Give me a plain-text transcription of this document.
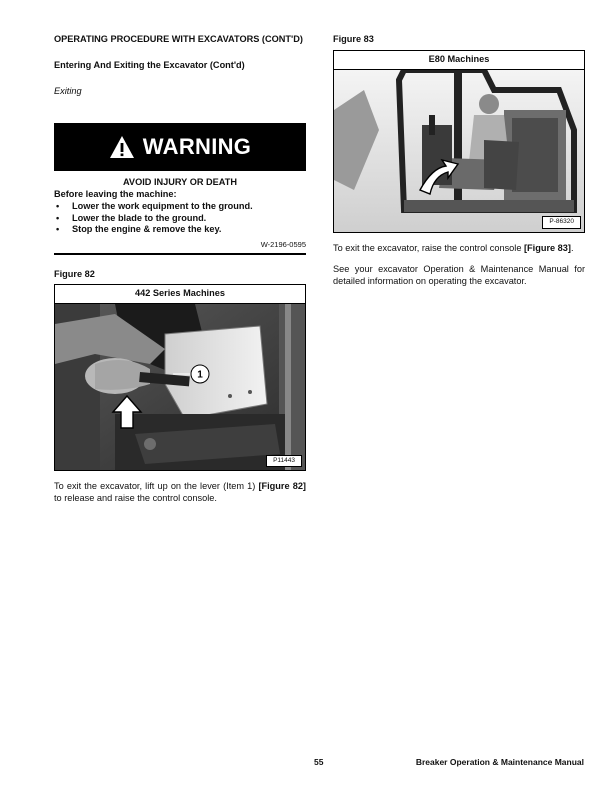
OPERATING PROCEDURE WITH EXCAVATORS (CONT'D)
Entering And Exiting the Excavator (Cont'd)
Exiting
WARNING
AVOID INJURY OR DEATH
Before leaving the machine:
• Lower the work equipment to the ground.
• Lower the blade to the ground.
• Stop the engine & remove the key.
W-2196-0595
Figure 82
442 Series Machines
1
P11443

To exit the excavator, lift up on the lever (Item 1) [Figure 82] to release and raise the control console.

Figure 83
E80 Machines
P-86320

To exit the excavator, raise the control console [Figure 83].

See your excavator Operation & Maintenance Manual for detailed information on operating the excavator.

55	Breaker Operation & Maintenance Manual
